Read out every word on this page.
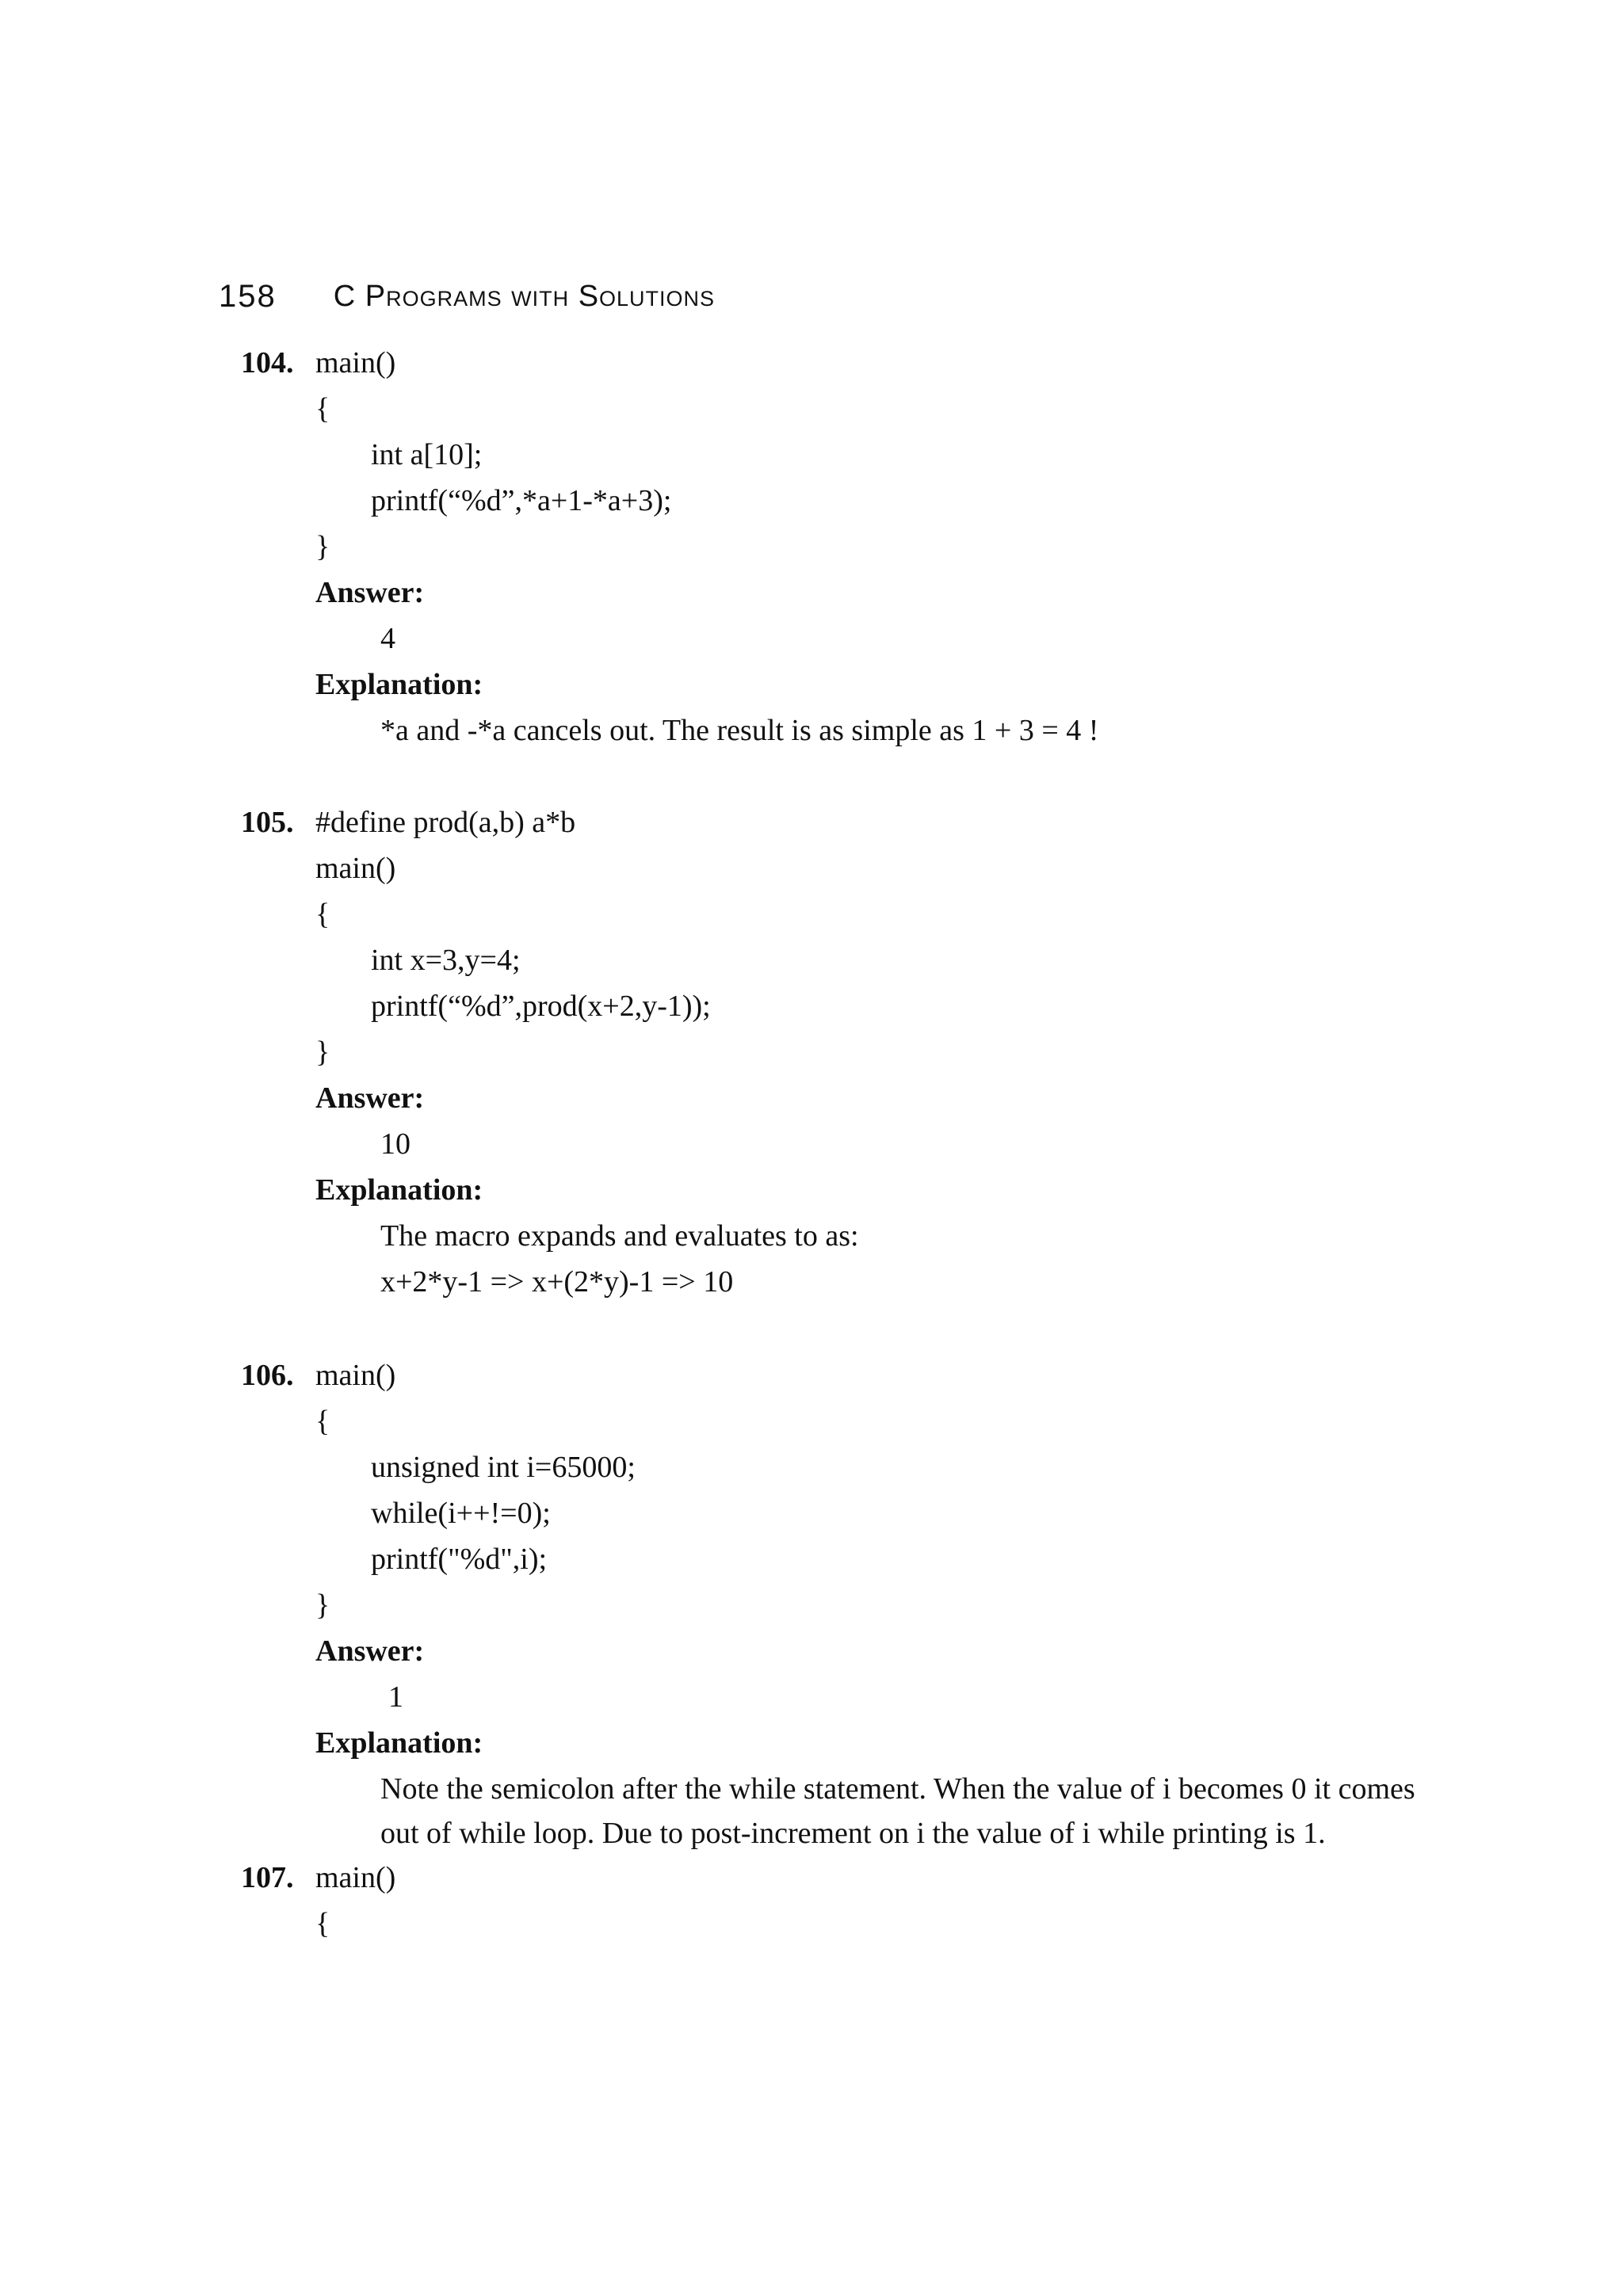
158 C Programs with Solutions
104. main()
{
int a[10];
printf(“%d”,*a+1-*a+3);
}
Answer:
4
Explanation:
*a and -*a cancels out. The result is as simple as 1 + 3 = 4 !
105. #define prod(a,b) a*b
main()
{
int x=3,y=4;
printf(“%d”,prod(x+2,y-1));
}
Answer:
10
Explanation:
The macro expands and evaluates to as:
x+2*y-1 => x+(2*y)-1 => 10
106. main()
{
unsigned int i=65000;
while(i++!=0);
printf("%d",i);
}
Answer:
1
Explanation:
Note the semicolon after the while statement. When the value of i becomes 0 it comes out of while loop. Due to post-increment on i the value of i while printing is 1.
107. main()
{
